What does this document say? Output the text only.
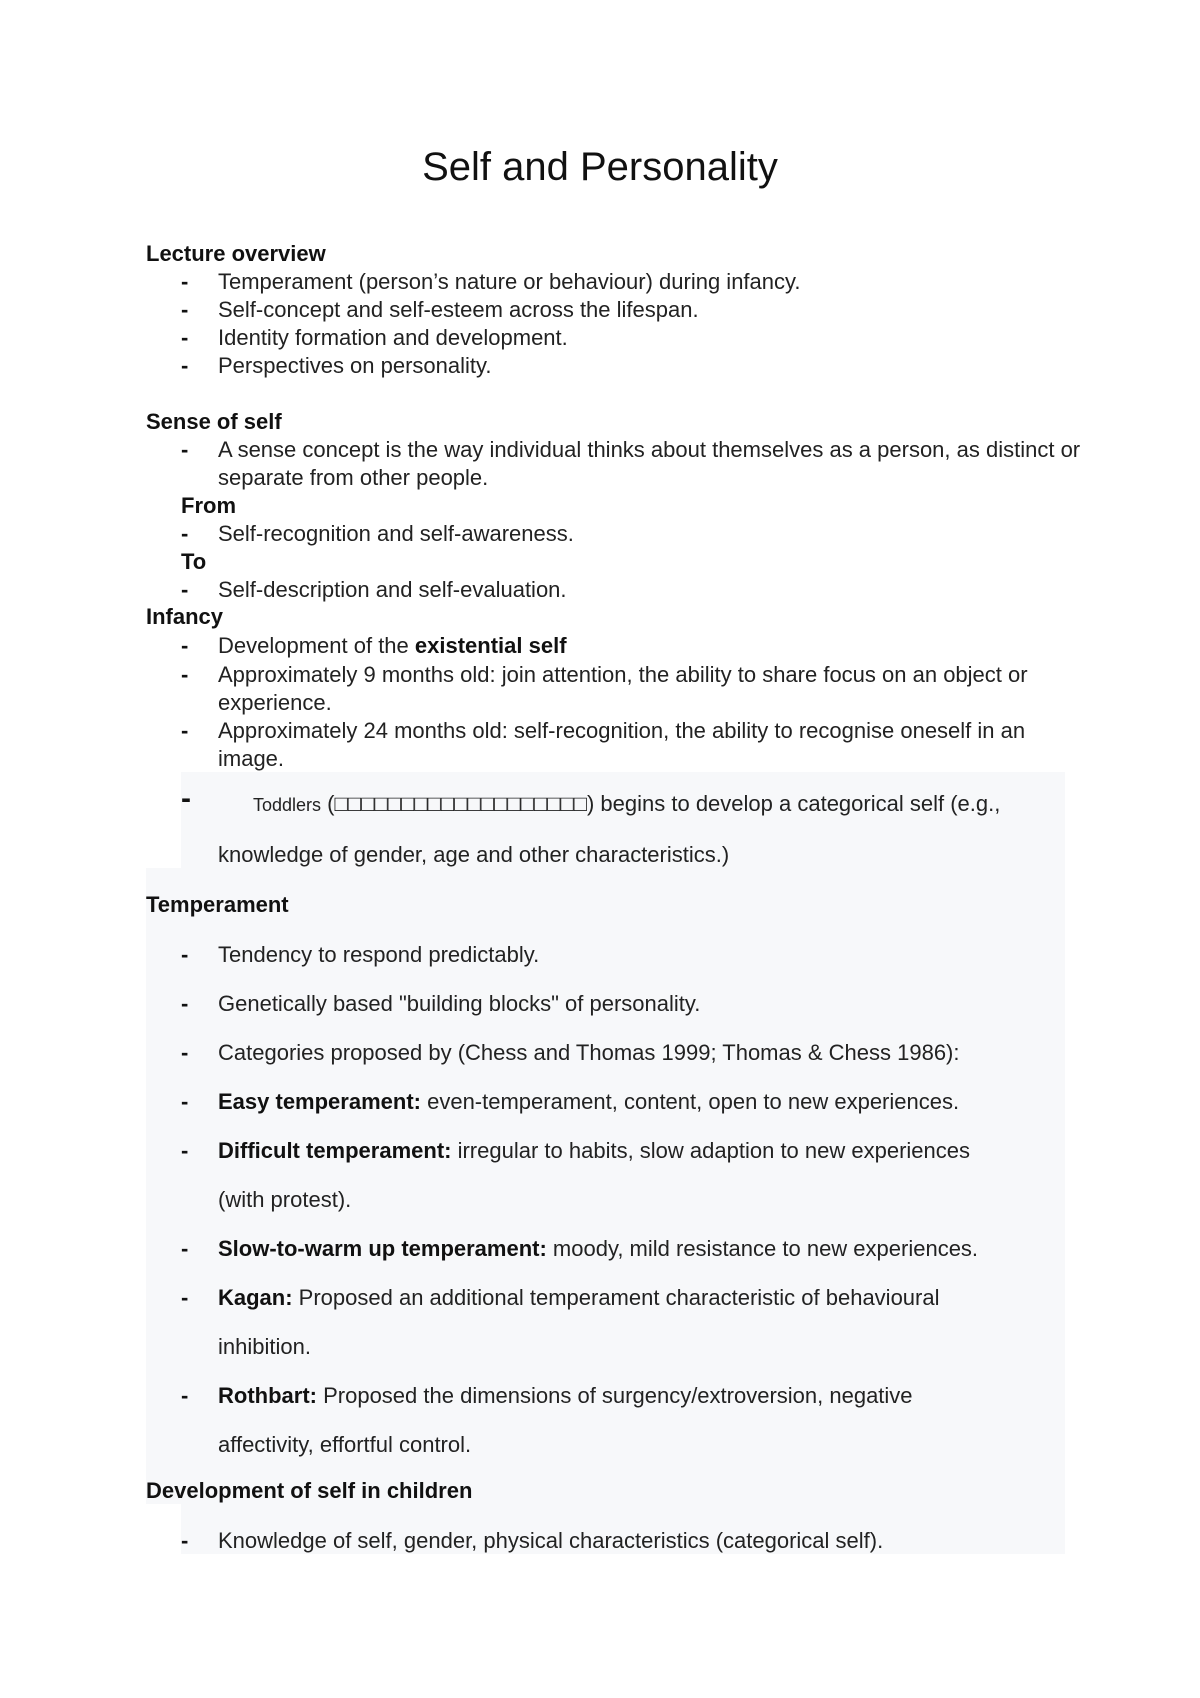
Self and Personality
Lecture overview
- Temperament (person’s nature or behaviour) during infancy.
- Self-concept and self-esteem across the lifespan.
- Identity formation and development.
- Perspectives on personality.
Sense of self
- A sense concept is the way individual thinks about themselves as a person, as distinct or separate from other people.
From
- Self-recognition and self-awareness.
To
- Self-description and self-evaluation.
Infancy
- Development of the existential self
- Approximately 9 months old: join attention, the ability to share focus on an object or experience.
- Approximately 24 months old: self-recognition, the ability to recognise oneself in an image.
-	Toddlers (□□□□□□□□□□□□□□□□□□□) begins to develop a categorical self (e.g.,
knowledge of gender, age and other characteristics.)
Temperament
- Tendency to respond predictably.
- Genetically based "building blocks" of personality.
- Categories proposed by (Chess and Thomas 1999; Thomas & Chess 1986):
- Easy temperament: even-temperament, content, open to new experiences.
- Difficult temperament: irregular to habits, slow adaption to new experiences
(with protest).
- Slow-to-warm up temperament: moody, mild resistance to new experiences.
- Kagan: Proposed an additional temperament characteristic of behavioural
inhibition.
- Rothbart: Proposed the dimensions of surgency/extroversion, negative
affectivity, effortful control.
Development of self in children
- Knowledge of self, gender, physical characteristics (categorical self).
